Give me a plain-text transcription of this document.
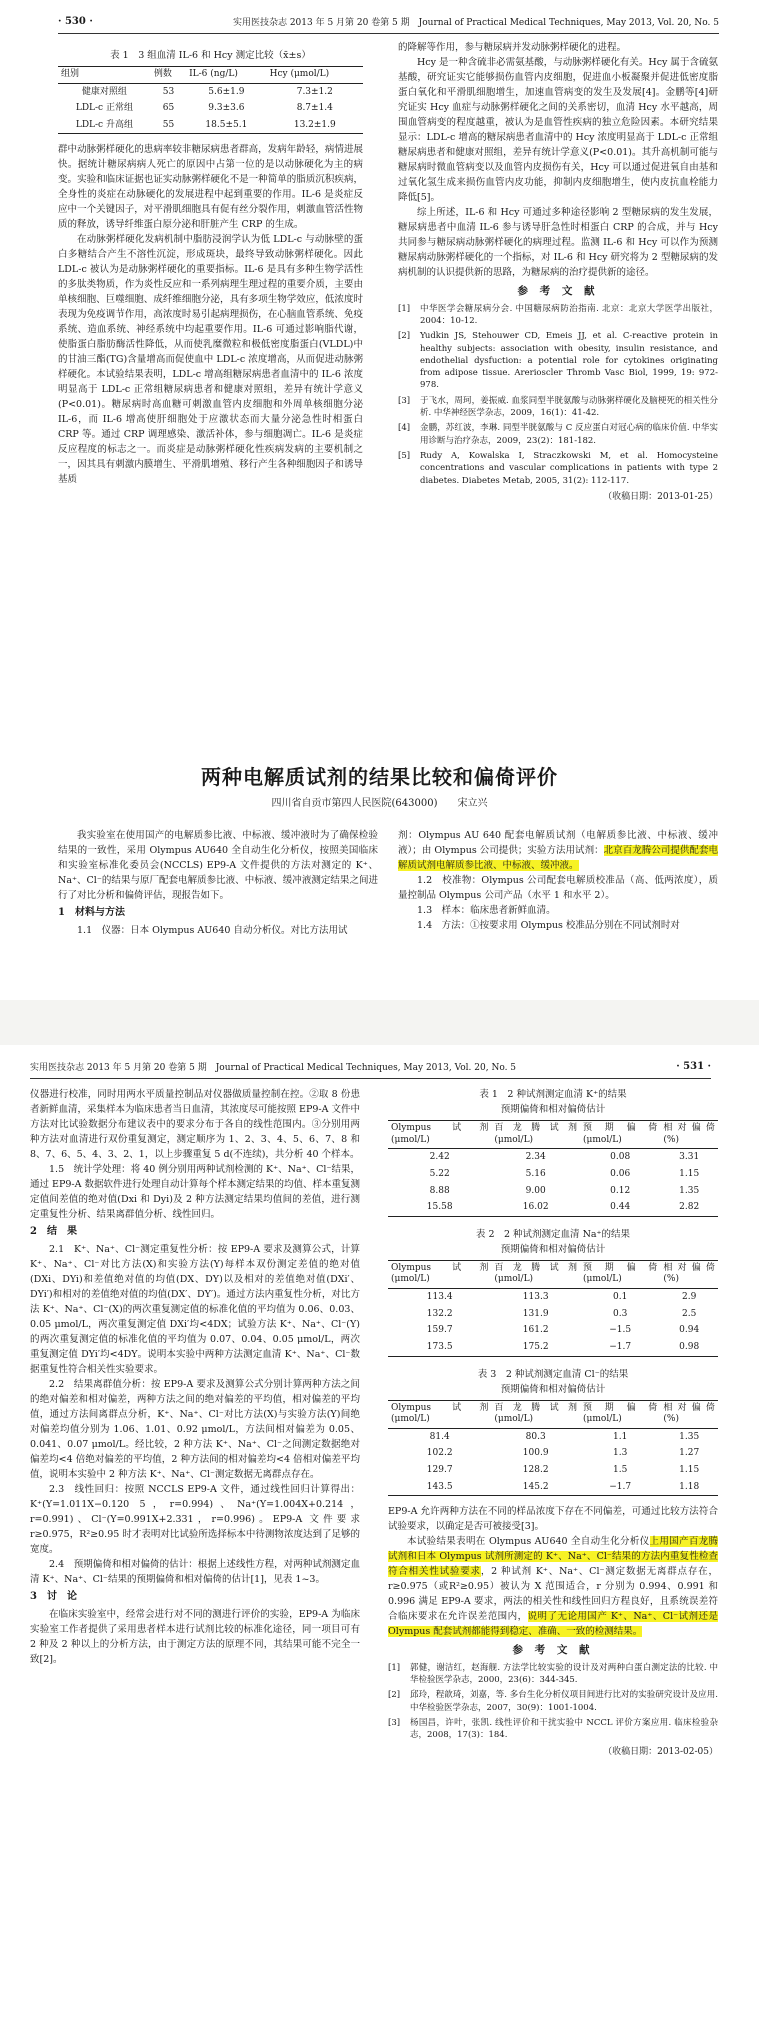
· 530 ·	实用医技杂志 2013 年 5 月第 20 卷第 5 期　Journal of Practical Medical Techniques, May 2013, Vol. 20, No. 5
表 1　3 组血清 IL-6 和 Hcy 测定比较（x̄±s）
组别	例数	IL-6 (ng/L)	Hcy (μmol/L)
健康对照组	53	5.6±1.9	7.3±1.2
LDL-c 正常组	65	9.3±3.6	8.7±1.4
LDL-c 升高组	55	18.5±5.1	13.2±1.9

群中动脉粥样硬化的患病率较非糖尿病患者群高，发病年龄轻，病情进展快。据统计糖尿病病人死亡的原因中占第一位的是以动脉硬化为主的病变。实验和临床证据也证实动脉粥样硬化不是一种简单的脂质沉积疾病，全身性的炎症在动脉硬化的发展进程中起到重要的作用。IL-6 是炎症反应中一个关键因子，对平滑肌细胞具有促有丝分裂作用，刺激血管活性物质的释放，诱导纤维蛋白原分泌和肝脏产生 CRP 的生成。

在动脉粥样硬化发病机制中脂肪浸润学认为低 LDL-c 与动脉壁的蛋白多糖结合产生不溶性沉淀，形成斑块，最终导致动脉粥样硬化。因此 LDL-c 被认为是动脉粥样硬化的重要指标。IL-6 是具有多种生物学活性的多肽类物质，作为炎性反应和一系列病理生理过程的重要介质，主要由单核细胞、巨噬细胞、成纤维细胞分泌，具有多项生物学效应，低浓度时表现为免疫调节作用，高浓度时易引起病理损伤，在心脑血管系统、免疫系统、造血系统、神经系统中均起重要作用。IL-6 可通过影响脂代谢，使脂蛋白脂肪酶活性降低，从而使乳糜微粒和极低密度脂蛋白(VLDL)中的甘油三酯(TG)含量增高而促使血中 LDL-c 浓度增高，从而促进动脉粥样硬化。本试验结果表明，LDL-c 增高组糖尿病患者血清中的 IL-6 浓度明显高于 LDL-c 正常组糖尿病患者和健康对照组，差异有统计学意义(P<0.01)。糖尿病时高血糖可刺激血管内皮细胞和外周单核细胞分泌 IL-6，而 IL-6 增高使肝细胞处于应激状态而大量分泌急性时相蛋白 CRP 等。通过 CRP 调理感染、激活补体，参与细胞凋亡。IL-6 是炎症反应程度的标志之一。而炎症是动脉粥样硬化性疾病发病的主要机制之一，因其具有刺激内膜增生、平滑肌增殖、移行产生各种细胞因子和诱导基质

的降解等作用，参与糖尿病并发动脉粥样硬化的进程。

Hcy 是一种含硫非必需氨基酸，与动脉粥样硬化有关。Hcy 属于含硫氨基酸，研究证实它能够损伤血管内皮细胞，促进血小板凝聚并促进低密度脂蛋白氧化和平滑肌细胞增生，加速血管病变的发生及发展[4]。金鹏等[4]研究证实 Hcy 血症与动脉粥样硬化之间的关系密切，血清 Hcy 水平越高，周围血管病变的程度越重，被认为是血管性疾病的独立危险因素。本研究结果显示：LDL-c 增高的糖尿病患者血清中的 Hcy 浓度明显高于 LDL-c 正常组糖尿病患者和健康对照组，差异有统计学意义(P<0.01)。其升高机制可能与糖尿病时微血管病变以及血管内皮损伤有关，Hcy 可以通过促进氧自由基和过氧化氢生成来损伤血管内皮功能，抑制内皮细胞增生，使内皮抗血栓能力降低[5]。

综上所述，IL-6 和 Hcy 可通过多种途径影响 2 型糖尿病的发生发展，糖尿病患者中血清 IL-6 参与诱导肝急性时相蛋白 CRP 的合成，并与 Hcy 共同参与糖尿病动脉粥样硬化的病理过程。监测 IL-6 和 Hcy 可以作为预测糖尿病动脉粥样硬化的一个指标，对 IL-6 和 Hcy 研究将为 2 型糖尿病的发病机制的认识提供新的思路，为糖尿病的治疗提供新的途径。

参 考 文 献
[1]	中华医学会糖尿病分会. 中国糖尿病防治指南. 北京：北京大学医学出版社，2004：10-12.
[2]	Yudkin JS, Stehouwer CD, Emeis JJ, et al. C-reactive protein in healthy subjects: association with obesity, insulin resistance, and endothelial dysfuction: a potential role for cytokines originating from adipose tissue. Arerioscler Thromb Vasc Biol, 1999, 19: 972-978.
[3]	于飞水，周珂，姜振威. 血浆同型半胱氨酸与动脉粥样硬化及脑梗死的相关性分析. 中华神经医学杂志，2009，16(1)：41-42.
[4]	金鹏，苏红波，李琳. 同型半胱氨酸与 C 反应蛋白对冠心病的临床价值. 中华实用诊断与治疗杂志，2009，23(2)：181-182.
[5]	Rudy A, Kowalska I, Straczkowski M, et al. Homocysteine concentrations and vascular complications in patients with type 2 diabetes. Diabetes Metab, 2005, 31(2): 112-117.
（收稿日期：2013-01-25）
两种电解质试剂的结果比较和偏倚评价
四川省自贡市第四人民医院(643000)　　宋立兴

我实验室在使用国产的电解质参比液、中标液、缓冲液时为了确保检验结果的一致性，采用 Olympus AU640 全自动生化分析仪，按照美国临床和实验室标准化委员会(NCCLS) EP9-A 文件提供的方法对测定的 K⁺、Na⁺、Cl⁻的结果与原厂配套电解质参比液、中标液、缓冲液测定结果之间进行了对比分析和偏倚评估，现报告如下。

1　材料与方法

1.1　仪器：日本 Olympus AU640 自动分析仪。对比方法用试

剂：Olympus AU 640 配套电解质试剂（电解质参比液、中标液、缓冲液）；由 Olympus 公司提供；实验方法用试剂：北京百龙腾公司提供配套电解质试剂电解质参比液、中标液、缓冲液。

1.2　校准物：Olympus 公司配套电解质校准品（高、低两浓度），质量控制品 Olympus 公司产品（水平 1 和水平 2）。

1.3　样本：临床患者新鲜血清。

1.4　方法：①按要求用 Olympus 校准品分别在不同试剂时对

实用医技杂志 2013 年 5 月第 20 卷第 5 期　Journal of Practical Medical Techniques, May 2013, Vol. 20, No. 5	· 531 ·

仪器进行校准，同时用两水平质量控制品对仪器做质量控制在控。②取 8 份患者新鲜血清，采集样本为临床患者当日血清，其浓度尽可能按照 EP9-A 文件中方法对比试验数据分布建议表中的要求分布于各自的线性范围内。③分别用两种方法对血清进行双份重复测定，测定顺序为 1、2、3、4、5、6、7、8 和 8、7、6、5、4、3、2、1，以上步骤重复 5 d(不连续)，共分析 40 个样本。

1.5　统计学处理：将 40 例分别用两种试剂检测的 K⁺、Na⁺、Cl⁻结果，通过 EP9-A 数据软件进行处理自动计算每个样本测定结果的均值、样本重复测定值间差值的绝对值(Dxi 和 Dyi)及 2 种方法测定结果均值间的差值，进行测定重复性分析、结果离群值分析、线性回归。

2　结　果

2.1　K⁺、Na⁺、Cl⁻测定重复性分析：按 EP9-A 要求及测算公式，计算 K⁺、Na⁺、Cl⁻对比方法(X)和实验方法(Y)每样本双份测定差值的绝对值(DXi、DYi)和差值绝对值的均值(DX、DY)以及相对的差值绝对值(DXi′、DYi′)和相对的差值绝对值的均值(DX′、DY′)。通过方法内重复性分析，对比方法 K⁺、Na⁺、Cl⁻(X)的两次重复测定值的标准化值的平均值为 0.06、0.03、0.05 μmol/L，两次重复测定值 DXi′均<4DX；试验方法 K⁺、Na⁺、Cl⁻(Y) 的两次重复测定值的标准化值的平均值为 0.07、0.04、0.05 μmol/L，两次重复测定值 DYi′均<4DY。说明本实验中两种方法测定血清 K⁺、Na⁺、Cl⁻数据重复性符合相关性实验要求。

2.2　结果离群值分析：按 EP9-A 要求及测算公式分别计算两种方法之间的绝对偏差和相对偏差，两种方法之间的绝对偏差的平均值，相对偏差的平均值，通过方法间离群点分析，K⁺、Na⁺、Cl⁻对比方法(X)与实验方法(Y)间绝对偏差均值分别为 1.06、1.01、0.92 μmol/L，方法间相对偏差为 0.05、0.041、0.07 μmol/L。经比较，2 种方法 K⁺、Na⁺、Cl⁻之间测定数据绝对偏差均<4 倍绝对偏差的平均值，2 种方法间的相对偏差均<4 倍相对偏差平均值，说明本实验中 2 种方法 K⁺、Na⁺、Cl⁻测定数据无离群点存在。

2.3　线性回归：按照 NCCLS EP9-A 文件，通过线性回归计算得出：K⁺(Y=1.011X−0.120 5，r=0.994)、Na⁺(Y=1.004X+0.214，r=0.991)、Cl⁻(Y=0.991X+2.331，r=0.996)。EP9-A 文件要求 r≥0.975，R²≥0.95 时才表明对比试验所选择标本中待测物浓度达到了足够的宽度。

2.4　预期偏倚和相对偏倚的估计：根据上述线性方程，对两种试剂测定血清 K⁺、Na⁺、Cl⁻结果的预期偏倚和相对偏倚的估计[1]，见表 1~3。

3　讨　论

在临床实验室中，经常会进行对不同的测进行评价的实验，EP9-A 为临床实验室工作者提供了采用患者样本进行试剂比较的标准化途径，同一项目可有 2 种及 2 种以上的分析方法，由于测定方法的原理不同，其结果可能不完全一致[2]。

表 1　2 种试剂测定血清 K⁺的结果
预期偏倚和相对偏倚估计
Olympus 试剂 (μmol/L)	百龙腾试剂 (μmol/L)	预期偏倚 (μmol/L)	相对偏倚 (%)
2.42	2.34	0.08	3.31
5.22	5.16	0.06	1.15
8.88	9.00	0.12	1.35
15.58	16.02	0.44	2.82
表 2　2 种试剂测定血清 Na⁺的结果
预期偏倚和相对偏倚估计
Olympus 试剂 (μmol/L)	百龙腾试剂 (μmol/L)	预期偏倚 (μmol/L)	相对偏倚 (%)
113.4	113.3	0.1	2.9
132.2	131.9	0.3	2.5
159.7	161.2	−1.5	0.94
173.5	175.2	−1.7	0.98
表 3　2 种试剂测定血清 Cl⁻的结果
预期偏倚和相对偏倚估计
Olympus 试剂 (μmol/L)	百龙腾试剂 (μmol/L)	预期偏倚 (μmol/L)	相对偏倚 (%)
81.4	80.3	1.1	1.35
102.2	100.9	1.3	1.27
129.7	128.2	1.5	1.15
143.5	145.2	−1.7	1.18

EP9-A 允许两种方法在不同的样品浓度下存在不同偏差，可通过比较方法符合试验要求，以确定是否可被接受[3]。

本试验结果表明在 Olympus AU640 全自动生化分析仪上用国产百龙腾试剂和日本 Olympus 试剂所测定的 K⁺、Na⁺、Cl⁻结果的方法内重复性检查符合相关性试验要求，2 种试剂 K⁺、Na⁺、Cl⁻测定数据无离群点存在，r≥0.975（或R²≥0.95）被认为 X 范围适合，r 分别为 0.994、0.991 和 0.996 满足 EP9-A 要求，两法的相关性和线性回归方程良好，且系统误差符合临床要求在允许误差范围内，说明了无论用国产 K⁺、Na⁺、Cl⁻试剂还是 Olympus 配套试剂都能得到稳定、准确、一致的检测结果。

参 考 文 献
[1]	郭健，谢洁红，赵海舰. 方法学比较实验的设计及对两种白蛋白测定法的比较. 中华检验医学杂志，2000，23(6)：344-345.
[2]	邱玲，程歆琦，刘嘉，等. 多台生化分析仪项目间进行比对的实验研究设计及应用. 中华检验医学杂志，2007，30(9)：1001-1004.
[3]	杨国昌，许叶，张凯. 线性评价和干扰实验中 NCCL 评价方案应用. 临床检验杂志，2008，17(3)：184.
（收稿日期：2013-02-05）
